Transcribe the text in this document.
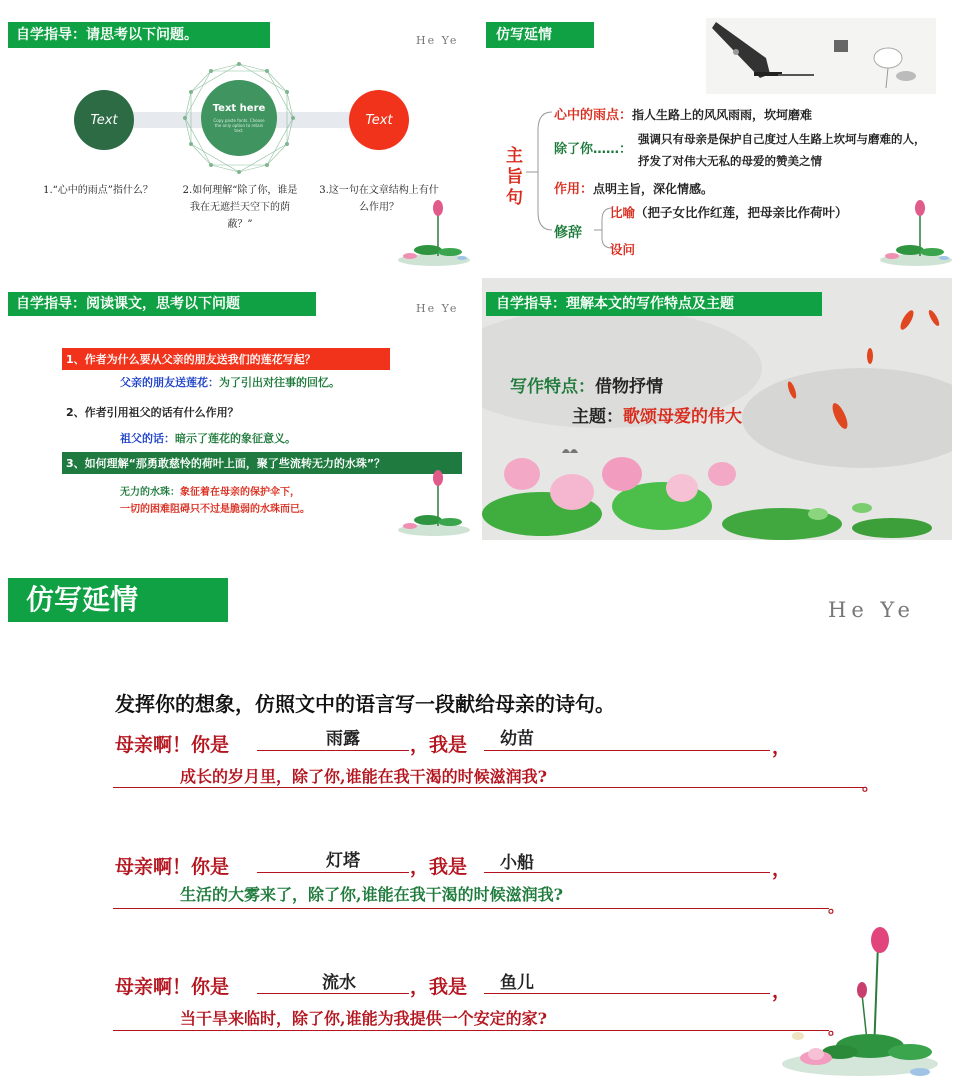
自学指导：请思考以下问题。	He Ye
Text
Text here
Copy paste fonts. Choose the only option to retain text.
Text
1.“心中的雨点”指什么？	2.如何理解“除了你，谁是我在无遮拦天空下的荫蔽？”
3.这一句在文章结构上有什么作用？
仿写延情
主旨句
心中的雨点：指人生路上的风风雨雨，坎坷磨难
除了你……：
强调只有母亲是保护自己度过人生路上坎坷与磨难的人，抒发了对伟大无私的母爱的赞美之情
作用：点明主旨，深化情感。
修辞
比喻（把子女比作红莲，把母亲比作荷叶）
设问
自学指导：阅读课文，思考以下问题	He Ye
1、作者为什么要从父亲的朋友送我们的莲花写起？
父亲的朋友送莲花：为了引出对往事的回忆。
2、作者引用祖父的话有什么作用？
祖父的话：暗示了莲花的象征意义。
3、如何理解“那勇敢慈怜的荷叶上面，聚了些流转无力的水珠”？
无力的水珠：象征着在母亲的保护伞下，
一切的困难阻碍只不过是脆弱的水珠而已。
自学指导：理解本文的写作特点及主题
写作特点：借物抒情
主题：歌颂母爱的伟大
仿写延情	He Ye
发挥你的想象，仿照文中的语言写一段献给母亲的诗句。
母亲啊！你是	雨露	，我是 幼苗	，
成长的岁月里，除了你,谁能在我干渴的时候滋润我?	。
母亲啊！你是	灯塔	，我是 小船	，
生活的大雾来了，除了你,谁能在我干渴的时候滋润我?
。
母亲啊！你是	流水	，我是 鱼儿	，
当干旱来临时，除了你,谁能为我提供一个安定的家?
。
